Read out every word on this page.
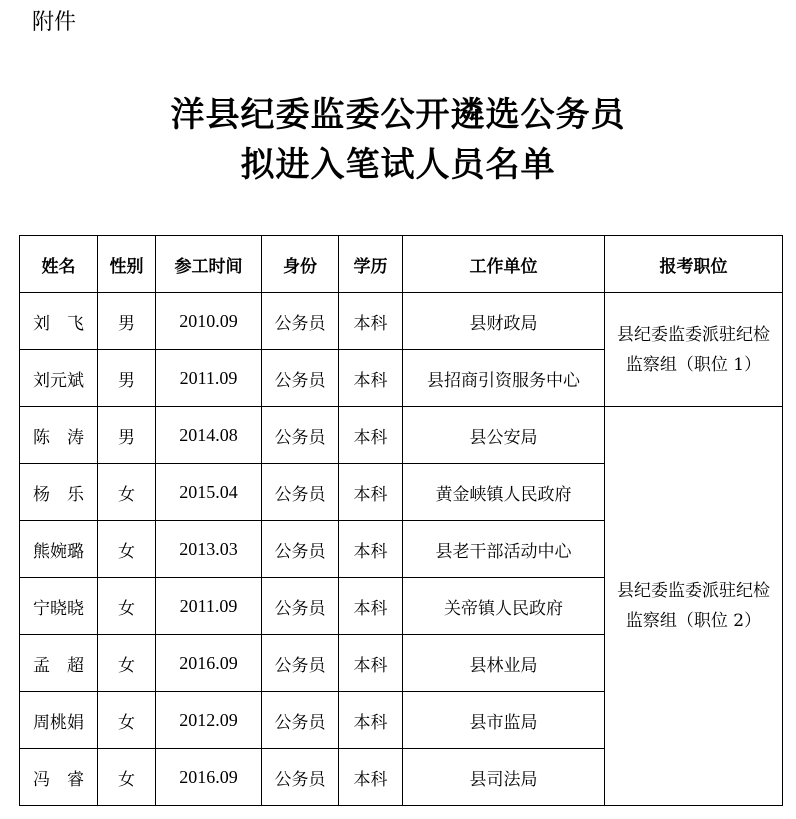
附件
洋县纪委监委公开遴选公务员
拟进入笔试人员名单
姓名	性别	参工时间	身份	学历	工作单位	报考职位
刘　飞	男	2010.09	公务员	本科	县财政局	县纪委监委派驻纪检监察组（职位 1）
刘元斌	男	2011.09	公务员	本科	县招商引资服务中心	
陈　涛	男	2014.08	公务员	本科	县公安局	县纪委监委派驻纪检监察组（职位 2）
杨　乐	女	2015.04	公务员	本科	黄金峡镇人民政府	
熊婉璐	女	2013.03	公务员	本科	县老干部活动中心	
宁晓晓	女	2011.09	公务员	本科	关帝镇人民政府	
孟　超	女	2016.09	公务员	本科	县林业局	
周桃娟	女	2012.09	公务员	本科	县市监局	
冯　睿	女	2016.09	公务员	本科	县司法局	
